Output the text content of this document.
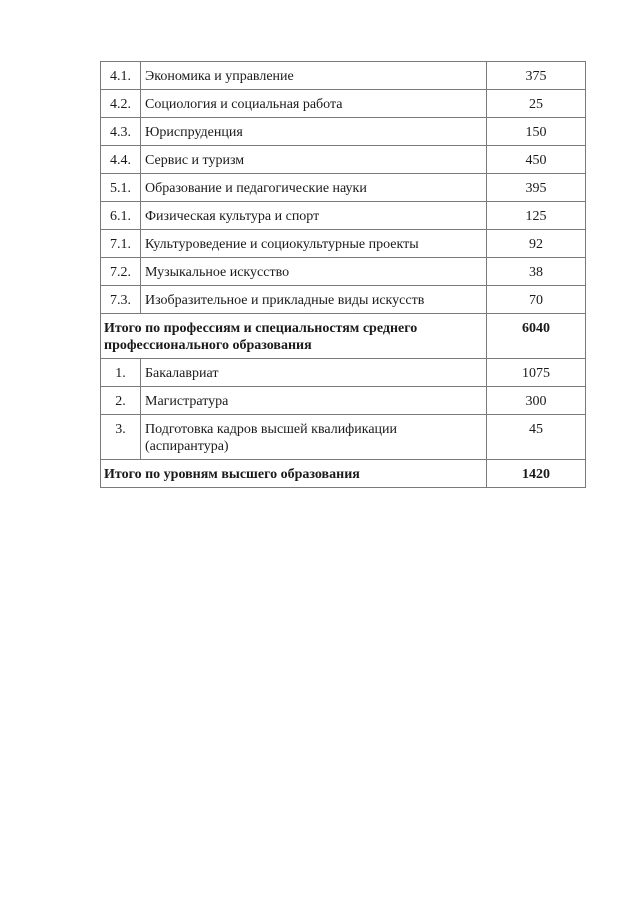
4.1.	Экономика и управление	375
4.2.	Социология и социальная работа	25
4.3.	Юриспруденция	150
4.4.	Сервис и туризм	450
5.1.	Образование и педагогические науки	395
6.1.	Физическая культура и спорт	125
7.1.	Культуроведение и социокультурные проекты	92
7.2.	Музыкальное искусство	38
7.3.	Изобразительное и прикладные виды искусств	70
Итого по профессиям и специальностям среднего профессионального образования		6040
1.	Бакалавриат	1075
2.	Магистратура	300
3.	Подготовка кадров высшей квалификации (аспирантура)	45
Итого по уровням высшего образования		1420
